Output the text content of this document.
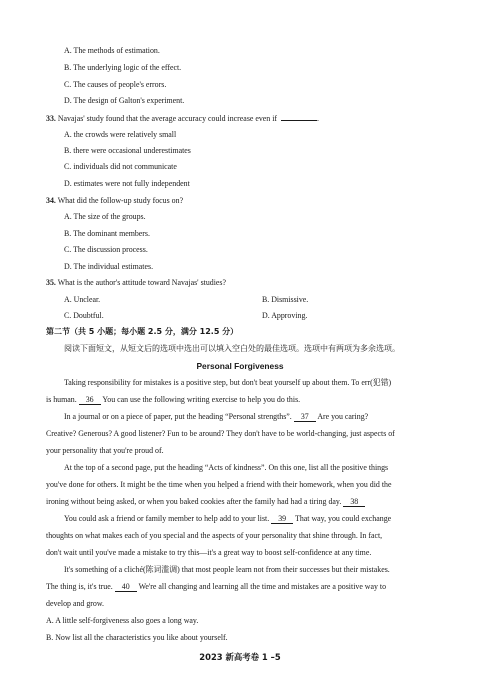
A. The methods of estimation.
B. The underlying logic of the effect.
C. The causes of people's errors.
D. The design of Galton's experiment.
33. Navajas' study found that the average accuracy could increase even if	.
A. the crowds were relatively small
B. there were occasional underestimates
C. individuals did not communicate
D. estimates were not fully independent
34. What did the follow-up study focus on?
A. The size of the groups.
B. The dominant members.
C. The discussion process.
D. The individual estimates.
35. What is the author's attitude toward Navajas' studies?
A. Unclear.	B. Dismissive.
C. Doubtful.	D. Approving.
第二节（共 5 小题；每小题 2.5 分，满分 12.5 分）
阅读下面短文，从短文后的选项中选出可以填入空白处的最佳选项。选项中有两项为多余选项。
Personal Forgiveness
Taking responsibility for mistakes is a positive step, but don't beat yourself up about them. To err(犯错)
is human. 36 You can use the following writing exercise to help you do this.
In a journal or on a piece of paper, put the heading “Personal strengths”. 37 Are you caring?
Creative? Generous? A good listener? Fun to be around? They don't have to be world-changing, just aspects of
your personality that you're proud of.
At the top of a second page, put the heading “Acts of kindness”. On this one, list all the positive things
you've done for others. It might be the time when you helped a friend with their homework, when you did the
ironing without being asked, or when you baked cookies after the family had had a tiring day. 38
You could ask a friend or family member to help add to your list. 39 That way, you could exchange
thoughts on what makes each of you special and the aspects of your personality that shine through. In fact,
don't wait until you've made a mistake to try this—it's a great way to boost self-confidence at any time.
It's something of a cliché(陈词滥调) that most people learn not from their successes but their mistakes.
The thing is, it's true. 40 We're all changing and learning all the time and mistakes are a positive way to
develop and grow.
A. A little self-forgiveness also goes a long way.
B. Now list all the characteristics you like about yourself.
2023 新高考卷 1 –5
